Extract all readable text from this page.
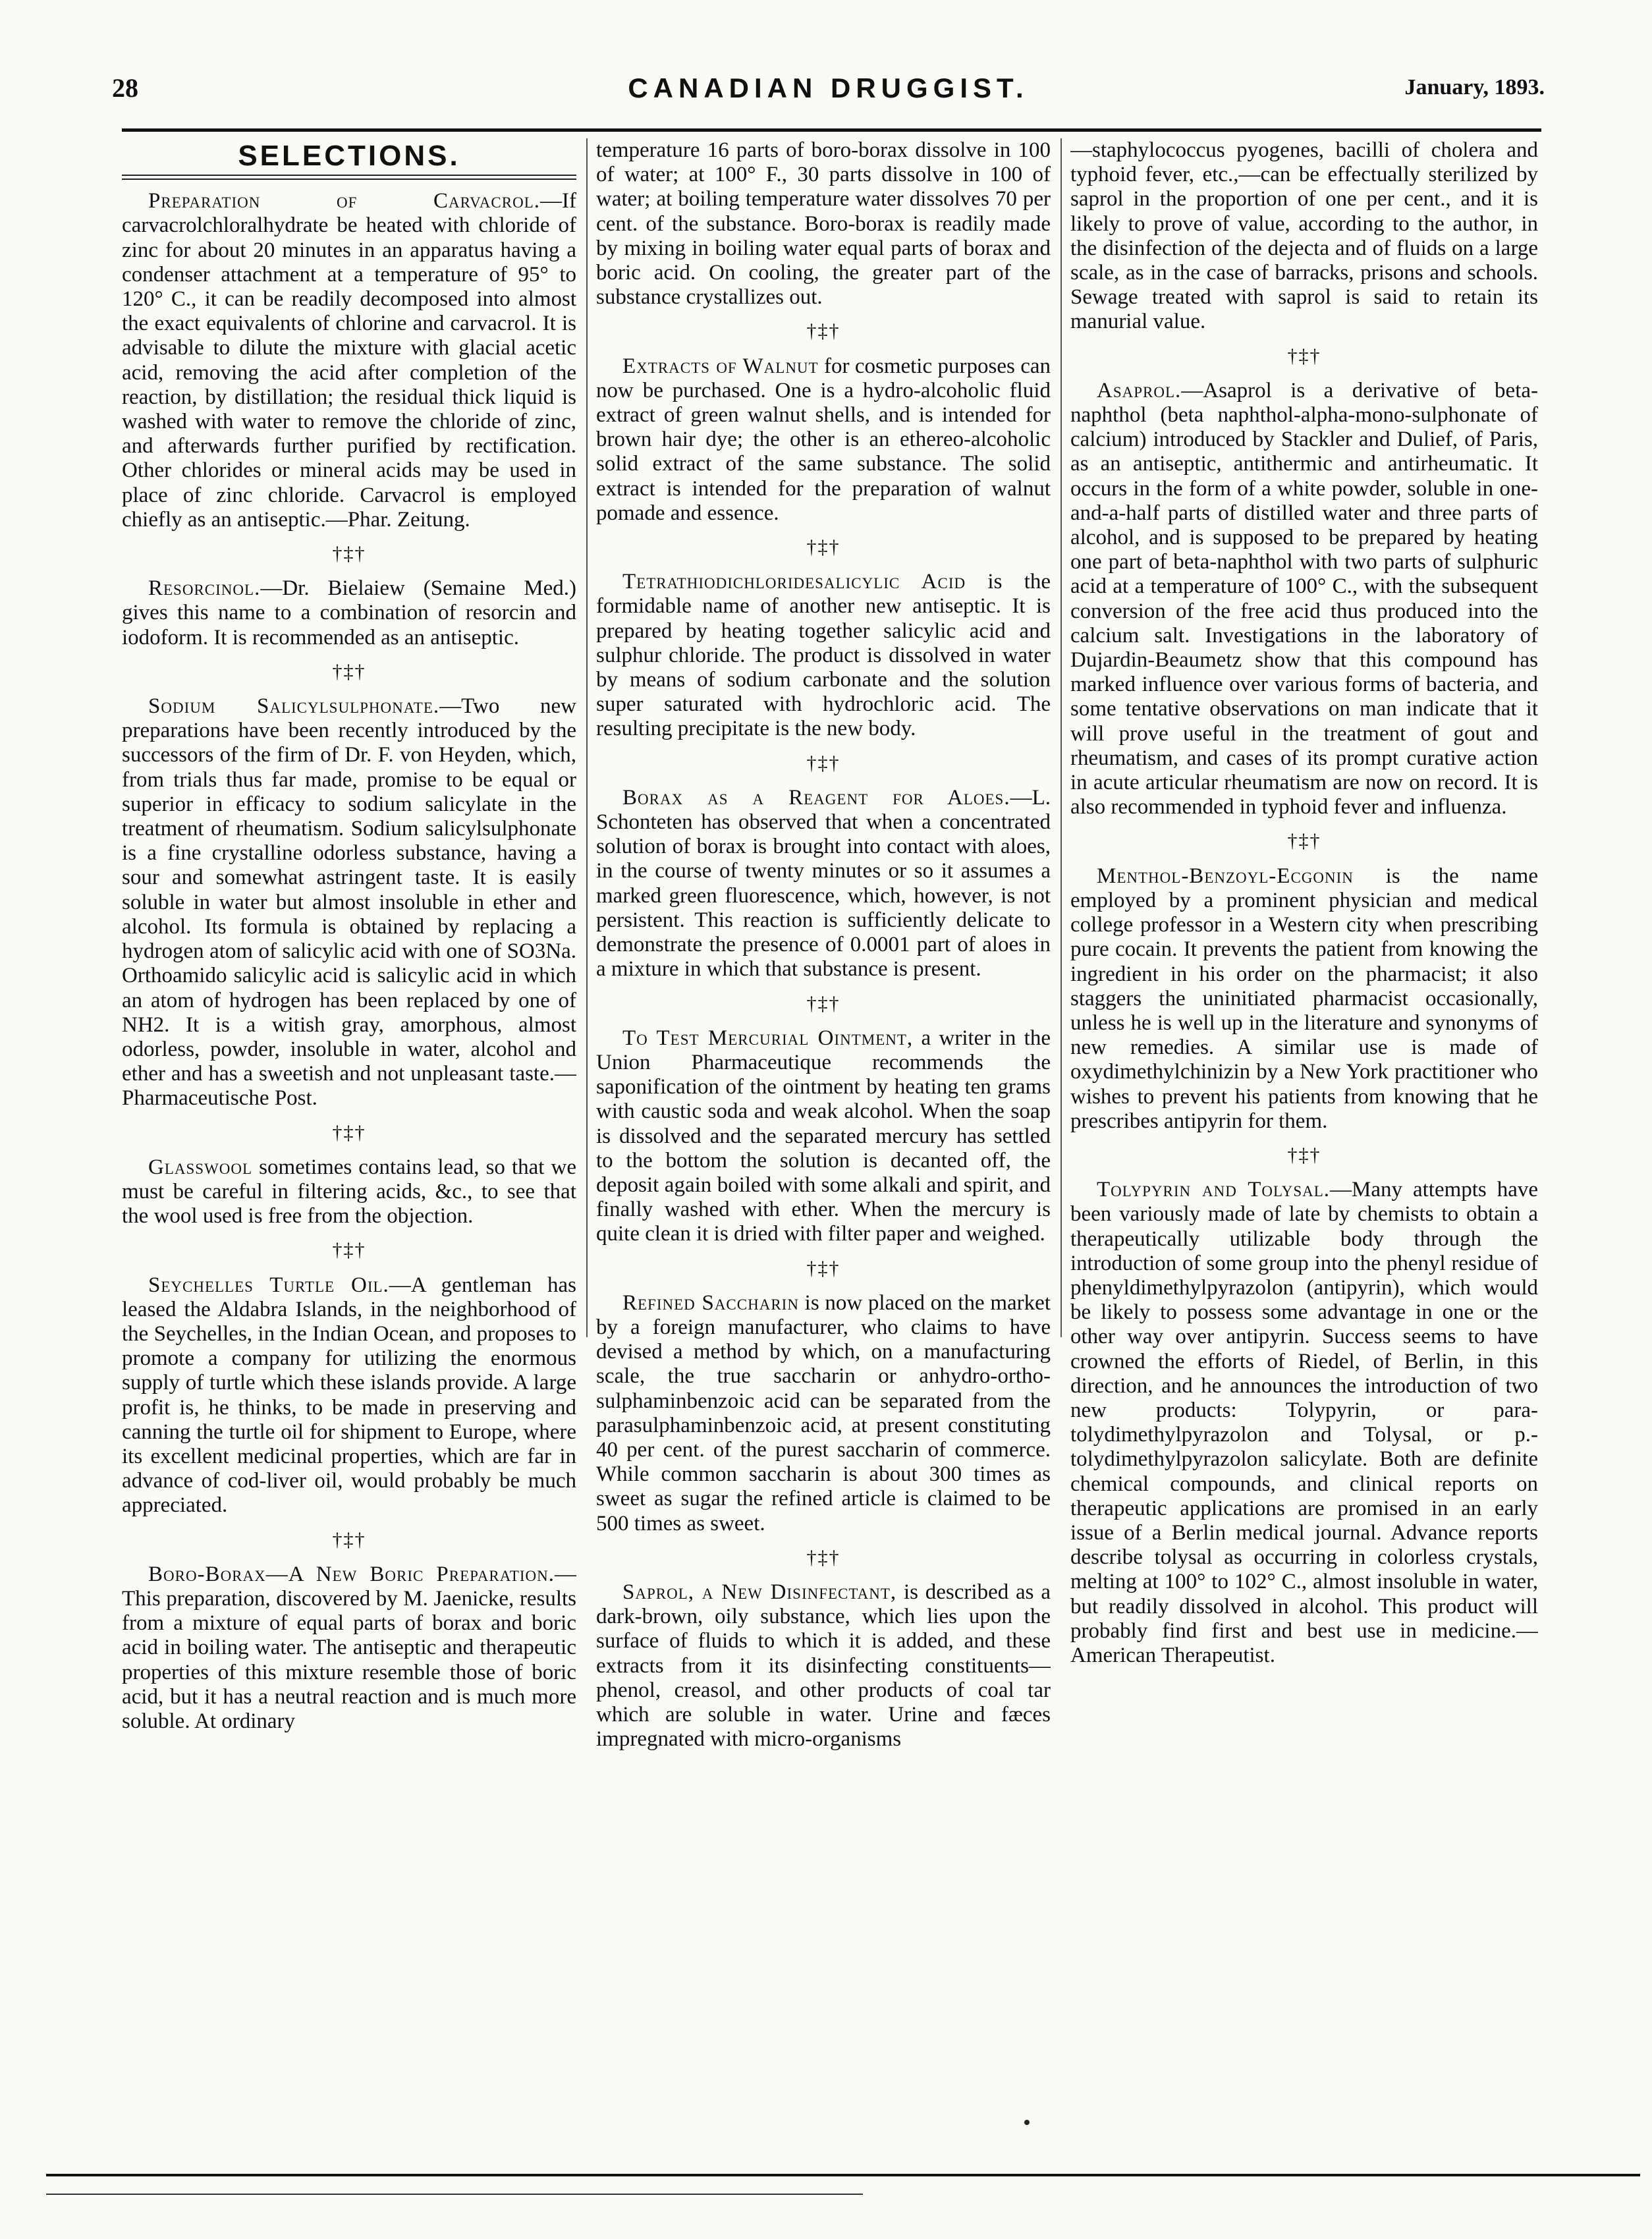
28	CANADIAN DRUGGIST.	January, 1893.
SELECTIONS.

Preparation of Carvacrol.—If carvacrolchloralhydrate be heated with chloride of zinc for about 20 minutes in an apparatus having a condenser attachment at a temperature of 95° to 120° C., it can be readily decomposed into almost the exact equivalents of chlorine and carvacrol. It is advisable to dilute the mixture with glacial acetic acid, removing the acid after completion of the reaction, by distillation; the residual thick liquid is washed with water to remove the chloride of zinc, and afterwards further purified by rectification. Other chlorides or mineral acids may be used in place of zinc chloride. Carvacrol is employed chiefly as an antiseptic.—Phar. Zeitung.

†‡†

Resorcinol.—Dr. Bielaiew (Semaine Med.) gives this name to a combination of resorcin and iodoform. It is recommended as an antiseptic.

†‡†

Sodium Salicylsulphonate.—Two new preparations have been recently introduced by the successors of the firm of Dr. F. von Heyden, which, from trials thus far made, promise to be equal or superior in efficacy to sodium salicylate in the treatment of rheumatism. Sodium salicylsulphonate is a fine crystalline odorless substance, having a sour and somewhat astringent taste. It is easily soluble in water but almost insoluble in ether and alcohol. Its formula is obtained by replacing a hydrogen atom of salicylic acid with one of SO3Na. Orthoamido salicylic acid is salicylic acid in which an atom of hydrogen has been replaced by one of NH2. It is a witish gray, amorphous, almost odorless, powder, insoluble in water, alcohol and ether and has a sweetish and not unpleasant taste.—Pharmaceutische Post.

†‡†

Glasswool sometimes contains lead, so that we must be careful in filtering acids, &c., to see that the wool used is free from the objection.

†‡†

Seychelles Turtle Oil.—A gentleman has leased the Aldabra Islands, in the neighborhood of the Seychelles, in the Indian Ocean, and proposes to promote a company for utilizing the enormous supply of turtle which these islands provide. A large profit is, he thinks, to be made in preserving and canning the turtle oil for shipment to Europe, where its excellent medicinal properties, which are far in advance of cod-liver oil, would probably be much appreciated.

†‡†

Boro-Borax—A New Boric Preparation.—This preparation, discovered by M. Jaenicke, results from a mixture of equal parts of borax and boric acid in boiling water. The antiseptic and therapeutic properties of this mixture resemble those of boric acid, but it has a neutral reaction and is much more soluble. At ordinary

temperature 16 parts of boro-borax dissolve in 100 of water; at 100° F., 30 parts dissolve in 100 of water; at boiling temperature water dissolves 70 per cent. of the substance. Boro-borax is readily made by mixing in boiling water equal parts of borax and boric acid. On cooling, the greater part of the substance crystallizes out.

†‡†

Extracts of Walnut for cosmetic purposes can now be purchased. One is a hydro-alcoholic fluid extract of green walnut shells, and is intended for brown hair dye; the other is an ethereo-alcoholic solid extract of the same substance. The solid extract is intended for the preparation of walnut pomade and essence.

†‡†

Tetrathiodichloridesalicylic Acid is the formidable name of another new antiseptic. It is prepared by heating together salicylic acid and sulphur chloride. The product is dissolved in water by means of sodium carbonate and the solution super saturated with hydrochloric acid. The resulting precipitate is the new body.

†‡†

Borax as a Reagent for Aloes.—L. Schonteten has observed that when a concentrated solution of borax is brought into contact with aloes, in the course of twenty minutes or so it assumes a marked green fluorescence, which, however, is not persistent. This reaction is sufficiently delicate to demonstrate the presence of 0.0001 part of aloes in a mixture in which that substance is present.

†‡†

To Test Mercurial Ointment, a writer in the Union Pharmaceutique recommends the saponification of the ointment by heating ten grams with caustic soda and weak alcohol. When the soap is dissolved and the separated mercury has settled to the bottom the solution is decanted off, the deposit again boiled with some alkali and spirit, and finally washed with ether. When the mercury is quite clean it is dried with filter paper and weighed.

†‡†

Refined Saccharin is now placed on the market by a foreign manufacturer, who claims to have devised a method by which, on a manufacturing scale, the true saccharin or anhydro-ortho-sulphaminbenzoic acid can be separated from the parasulphaminbenzoic acid, at present constituting 40 per cent. of the purest saccharin of commerce. While common saccharin is about 300 times as sweet as sugar the refined article is claimed to be 500 times as sweet.

†‡†

Saprol, a New Disinfectant, is described as a dark-brown, oily substance, which lies upon the surface of fluids to which it is added, and these extracts from it its disinfecting constituents—phenol, creasol, and other products of coal tar which are soluble in water. Urine and fæces impregnated with micro-organisms

—staphylococcus pyogenes, bacilli of cholera and typhoid fever, etc.,—can be effectually sterilized by saprol in the proportion of one per cent., and it is likely to prove of value, according to the author, in the disinfection of the dejecta and of fluids on a large scale, as in the case of barracks, prisons and schools. Sewage treated with saprol is said to retain its manurial value.

†‡†

Asaprol.—Asaprol is a derivative of beta-naphthol (beta naphthol-alpha-mono-sulphonate of calcium) introduced by Stackler and Dulief, of Paris, as an antiseptic, antithermic and antirheumatic. It occurs in the form of a white powder, soluble in one-and-a-half parts of distilled water and three parts of alcohol, and is supposed to be prepared by heating one part of beta-naphthol with two parts of sulphuric acid at a temperature of 100° C., with the subsequent conversion of the free acid thus produced into the calcium salt. Investigations in the laboratory of Dujardin-Beaumetz show that this compound has marked influence over various forms of bacteria, and some tentative observations on man indicate that it will prove useful in the treatment of gout and rheumatism, and cases of its prompt curative action in acute articular rheumatism are now on record. It is also recommended in typhoid fever and influenza.

†‡†

Menthol-Benzoyl-Ecgonin is the name employed by a prominent physician and medical college professor in a Western city when prescribing pure cocain. It prevents the patient from knowing the ingredient in his order on the pharmacist; it also staggers the uninitiated pharmacist occasionally, unless he is well up in the literature and synonyms of new remedies. A similar use is made of oxydimethylchinizin by a New York practitioner who wishes to prevent his patients from knowing that he prescribes antipyrin for them.

†‡†

Tolypyrin and Tolysal.—Many attempts have been variously made of late by chemists to obtain a therapeutically utilizable body through the introduction of some group into the phenyl residue of phenyldimethylpyrazolon (antipyrin), which would be likely to possess some advantage in one or the other way over antipyrin. Success seems to have crowned the efforts of Riedel, of Berlin, in this direction, and he announces the introduction of two new products: Tolypyrin, or para-tolydimethylpyrazolon and Tolysal, or p.-tolydimethylpyrazolon salicylate. Both are definite chemical compounds, and clinical reports on therapeutic applications are promised in an early issue of a Berlin medical journal. Advance reports describe tolysal as occurring in colorless crystals, melting at 100° to 102° C., almost insoluble in water, but readily dissolved in alcohol. This product will probably find first and best use in medicine.—American Therapeutist.
